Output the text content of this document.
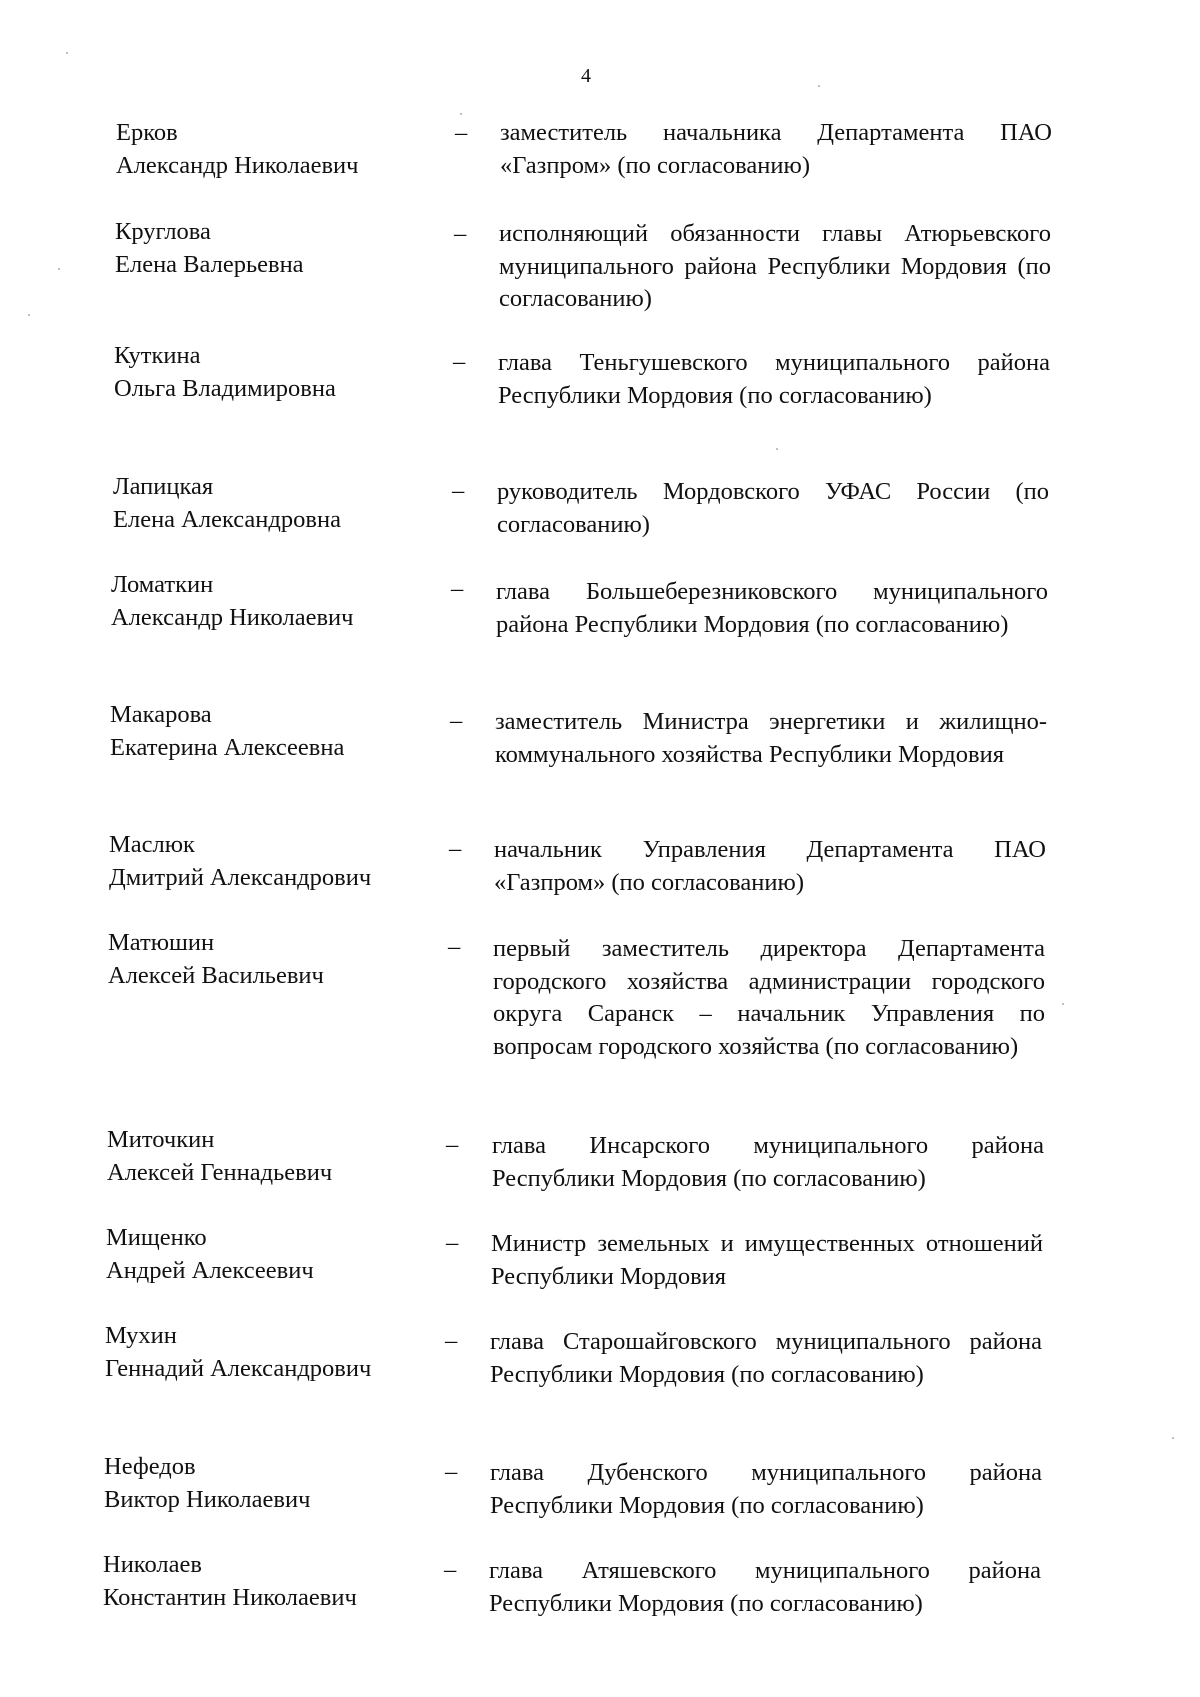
4
Ерков
Александр Николаевич
– заместитель начальника Департамента ПАО «Газпром» (по согласованию)
Круглова
Елена Валерьевна
– исполняющий обязанности главы Атюрьевского муниципального района Республики Мордовия (по согласованию)
Куткина
Ольга Владимировна
– глава Теньгушевского муниципального района Республики Мордовия (по согласованию)
Лапицкая
Елена Александровна
– руководитель Мордовского УФАС России (по согласованию)
Ломаткин
Александр Николаевич
– глава Большеберезниковского муниципального района Республики Мордовия (по согласованию)
Макарова
Екатерина Алексеевна
– заместитель Министра энергетики и жилищно-коммунального хозяйства Республики Мордовия
Маслюк
Дмитрий Александрович
– начальник Управления Департамента ПАО «Газпром» (по согласованию)
Матюшин
Алексей Васильевич
– первый заместитель директора Департамента городского хозяйства администрации городского округа Саранск – начальник Управления по вопросам городского хозяйства (по согласованию)
Миточкин
Алексей Геннадьевич
– глава Инсарского муниципального района Республики Мордовия (по согласованию)
Мищенко
Андрей Алексеевич
– Министр земельных и имущественных отношений Республики Мордовия
Мухин
Геннадий Александрович
– глава Старошайговского муниципального района Республики Мордовия (по согласованию)
Нефедов
Виктор Николаевич
– глава Дубенского муниципального района Республики Мордовия (по согласованию)
Николаев
Константин Николаевич
– глава Атяшевского муниципального района Республики Мордовия (по согласованию)
